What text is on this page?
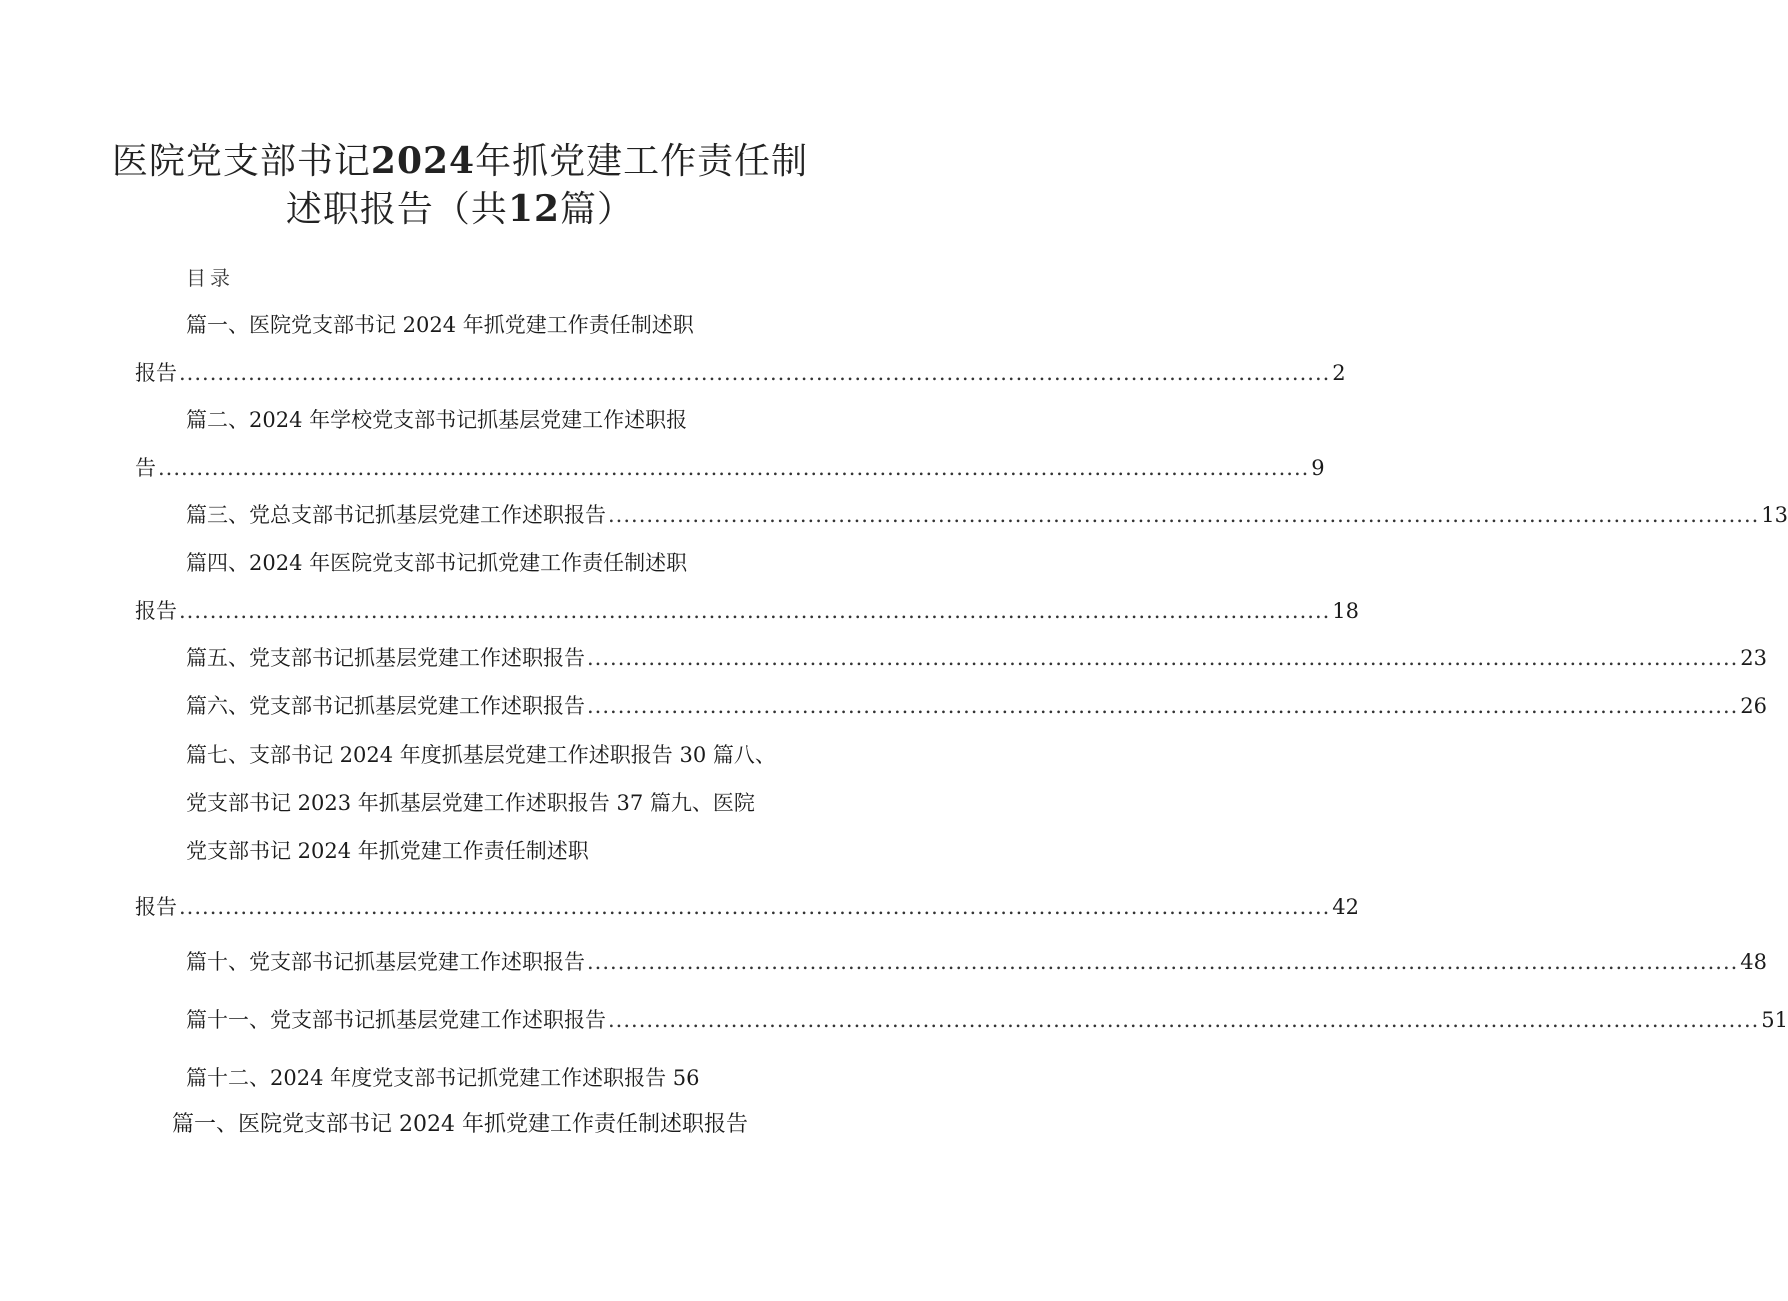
医院党支部书记2024年抓党建工作责任制
述职报告（共12篇）
目录
篇一、医院党支部书记 2024 年抓党建工作责任制述职
报告 ...................................................................................................................................................... 2
篇二、2024 年学校党支部书记抓基层党建工作述职报
告 ...................................................................................................................................................... 9
篇三、党总支部书记抓基层党建工作述职报告 ...................................................................................................................................................... 13
篇四、2024 年医院党支部书记抓党建工作责任制述职
报告 ...................................................................................................................................................... 18
篇五、党支部书记抓基层党建工作述职报告 ...................................................................................................................................................... 23
篇六、党支部书记抓基层党建工作述职报告 ...................................................................................................................................................... 26
篇七、支部书记 2024 年度抓基层党建工作述职报告 30 篇八、
党支部书记 2023 年抓基层党建工作述职报告 37 篇九、医院
党支部书记 2024 年抓党建工作责任制述职
报告 ...................................................................................................................................................... 42
篇十、党支部书记抓基层党建工作述职报告 ...................................................................................................................................................... 48
篇十一、党支部书记抓基层党建工作述职报告 ...................................................................................................................................................... 51
篇十二、2024 年度党支部书记抓党建工作述职报告 56
篇一、医院党支部书记 2024 年抓党建工作责任制述职报告
